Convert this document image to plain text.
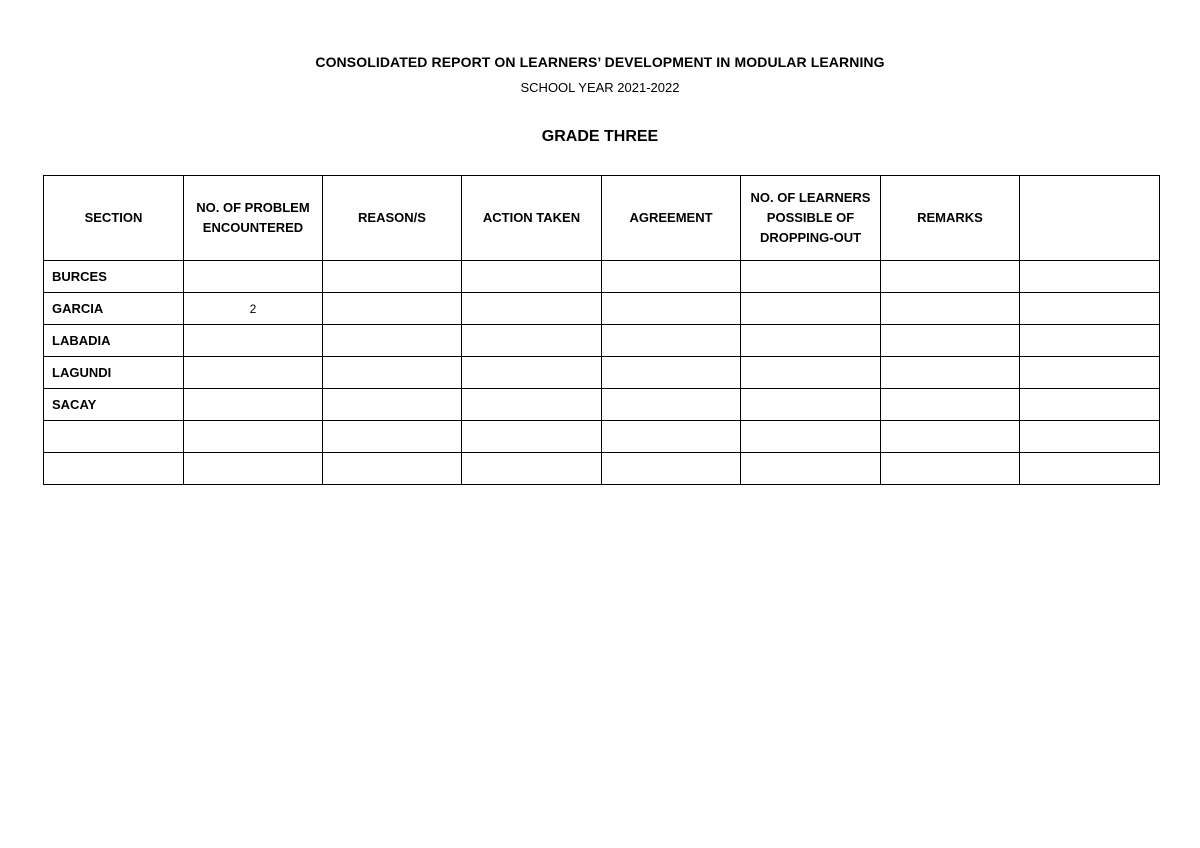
CONSOLIDATED REPORT ON LEARNERS’ DEVELOPMENT IN MODULAR LEARNING
SCHOOL YEAR 2021-2022
GRADE THREE
SECTION	NO. OF PROBLEM ENCOUNTERED	REASON/S	ACTION TAKEN	AGREEMENT	NO. OF LEARNERS POSSIBLE OF DROPPING-OUT	REMARKS	
BURCES							
GARCIA	2						
LABADIA							
LAGUNDI							
SACAY							
